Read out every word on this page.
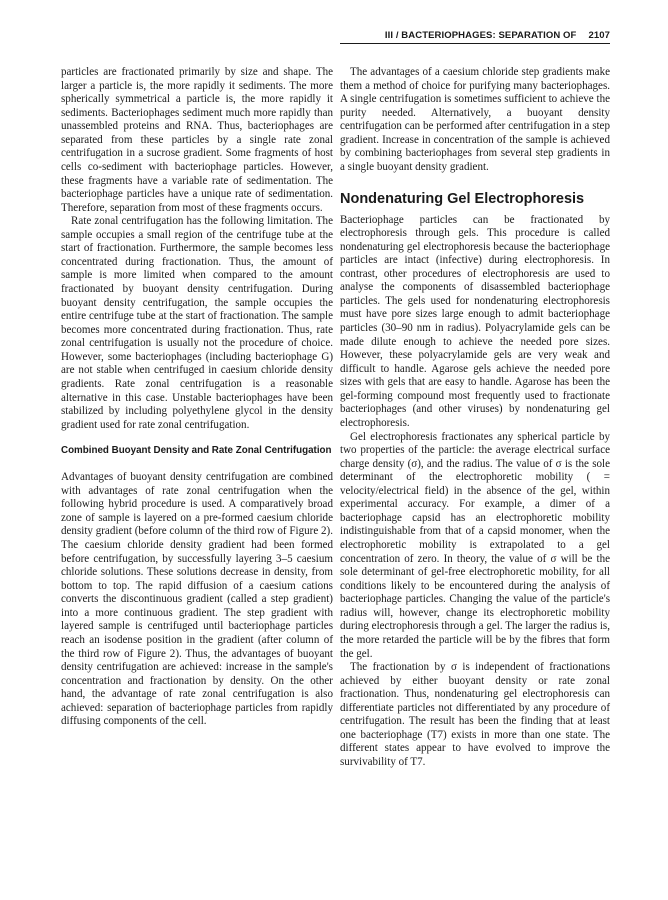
III / BACTERIOPHAGES: SEPARATION OF 2107

particles are fractionated primarily by size and shape. The larger a particle is, the more rapidly it sediments. The more spherically symmetrical a particle is, the more rapidly it sediments. Bacteriophages sediment much more rapidly than unassembled proteins and RNA. Thus, bacteriophages are separated from these particles by a single rate zonal centrifugation in a sucrose gradient. Some fragments of host cells co-sediment with bacteriophage particles. However, these fragments have a variable rate of sedimentation. The bacteriophage particles have a unique rate of sedimentation. Therefore, separation from most of these fragments occurs.

Rate zonal centrifugation has the following limitation. The sample occupies a small region of the centrifuge tube at the start of fractionation. Furthermore, the sample becomes less concentrated during fractionation. Thus, the amount of sample is more limited when compared to the amount fractionated by buoyant density centrifugation. During buoyant density centrifugation, the sample occupies the entire centrifuge tube at the start of fractionation. The sample becomes more concentrated during fractionation. Thus, rate zonal centrifugation is usually not the procedure of choice. However, some bacteriophages (including bacteriophage G) are not stable when centrifuged in caesium chloride density gradients. Rate zonal centrifugation is a reasonable alternative in this case. Unstable bacteriophages have been stabilized by including polyethylene glycol in the density gradient used for rate zonal centrifugation.

Combined Buoyant Density and Rate Zonal Centrifugation

Advantages of buoyant density centrifugation are combined with advantages of rate zonal centrifugation when the following hybrid procedure is used. A comparatively broad zone of sample is layered on a pre-formed caesium chloride density gradient (before column of the third row of Figure 2). The caesium chloride density gradient had been formed before centrifugation, by successfully layering 3–5 caesium chloride solutions. These solutions decrease in density, from bottom to top. The rapid diffusion of a caesium cations converts the discontinuous gradient (called a step gradient) into a more continuous gradient. The step gradient with layered sample is centrifuged until bacteriophage particles reach an isodense position in the gradient (after column of the third row of Figure 2). Thus, the advantages of buoyant density centrifugation are achieved: increase in the sample's concentration and fractionation by density. On the other hand, the advantage of rate zonal centrifugation is also achieved: separation of bacteriophage particles from rapidly diffusing components of the cell.

The advantages of a caesium chloride step gradients make them a method of choice for purifying many bacteriophages. A single centrifugation is sometimes sufficient to achieve the purity needed. Alternatively, a buoyant density centrifugation can be performed after centrifugation in a step gradient. Increase in concentration of the sample is achieved by combining bacteriophages from several step gradients in a single buoyant density gradient.

Nondenaturing Gel Electrophoresis

Bacteriophage particles can be fractionated by electrophoresis through gels. This procedure is called nondenaturing gel electrophoresis because the bacteriophage particles are intact (infective) during electrophoresis. In contrast, other procedures of electrophoresis are used to analyse the components of disassembled bacteriophage particles. The gels used for nondenaturing electrophoresis must have pore sizes large enough to admit bacteriophage particles (30–90 nm in radius). Polyacrylamide gels can be made dilute enough to achieve the needed pore sizes. However, these polyacrylamide gels are very weak and difficult to handle. Agarose gels achieve the needed pore sizes with gels that are easy to handle. Agarose has been the gel-forming compound most frequently used to fractionate bacteriophages (and other viruses) by nondenaturing gel electrophoresis.

Gel electrophoresis fractionates any spherical particle by two properties of the particle: the average electrical surface charge density (σ), and the radius. The value of σ is the sole determinant of the electrophoretic mobility ( = velocity/electrical field) in the absence of the gel, within experimental accuracy. For example, a dimer of a bacteriophage capsid has an electrophoretic mobility indistinguishable from that of a capsid monomer, when the electrophoretic mobility is extrapolated to a gel concentration of zero. In theory, the value of σ will be the sole determinant of gel-free electrophoretic mobility, for all conditions likely to be encountered during the analysis of bacteriophage particles. Changing the value of the particle's radius will, however, change its electrophoretic mobility during electrophoresis through a gel. The larger the radius is, the more retarded the particle will be by the fibres that form the gel.

The fractionation by σ is independent of fractionations achieved by either buoyant density or rate zonal fractionation. Thus, nondenaturing gel electrophoresis can differentiate particles not differentiated by any procedure of centrifugation. The result has been the finding that at least one bacteriophage (T7) exists in more than one state. The different states appear to have evolved to improve the survivability of T7.
